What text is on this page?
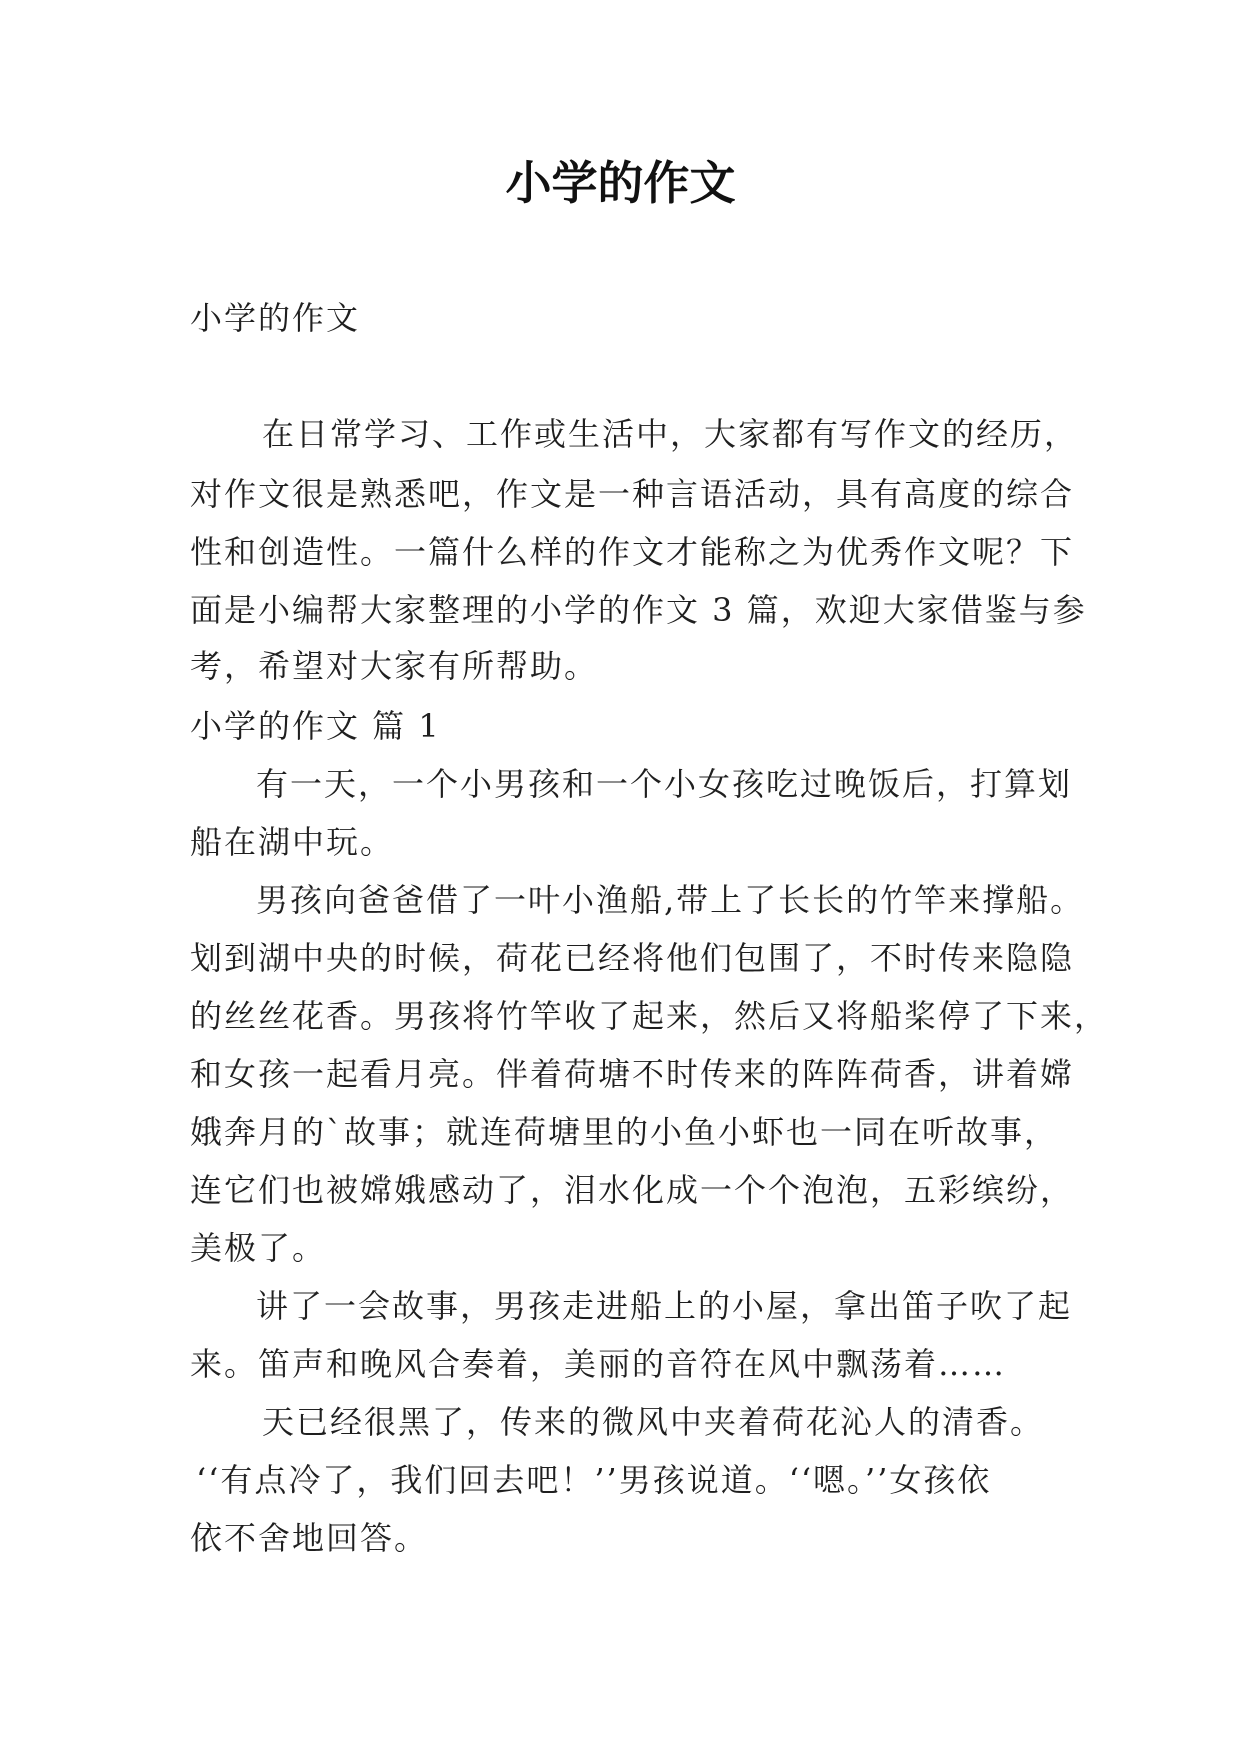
小学的作文
小学的作文
在日常学习、工作或生活中，大家都有写作文的经历，
对作文很是熟悉吧，作文是一种言语活动，具有高度的综合
性和创造性。一篇什么样的作文才能称之为优秀作文呢？下
面是小编帮大家整理的小学的作文 3 篇，欢迎大家借鉴与参
考，希望对大家有所帮助。
小学的作文 篇 1
有一天，一个小男孩和一个小女孩吃过晚饭后，打算划
船在湖中玩。
男孩向爸爸借了一叶小渔船,带上了长长的竹竿来撑船。
划到湖中央的时候，荷花已经将他们包围了，不时传来隐隐
的丝丝花香。男孩将竹竿收了起来，然后又将船桨停了下来，
和女孩一起看月亮。伴着荷塘不时传来的阵阵荷香，讲着嫦
娥奔月的`故事；就连荷塘里的小鱼小虾也一同在听故事，
连它们也被嫦娥感动了，泪水化成一个个泡泡，五彩缤纷，
美极了。
讲了一会故事，男孩走进船上的小屋，拿出笛子吹了起
来。笛声和晚风合奏着，美丽的音符在风中飘荡着……
天已经很黑了，传来的微风中夹着荷花沁人的清香。
‘‘有点冷了，我们回去吧！’’男孩说道。‘‘嗯。’’女孩依
依不舍地回答。
